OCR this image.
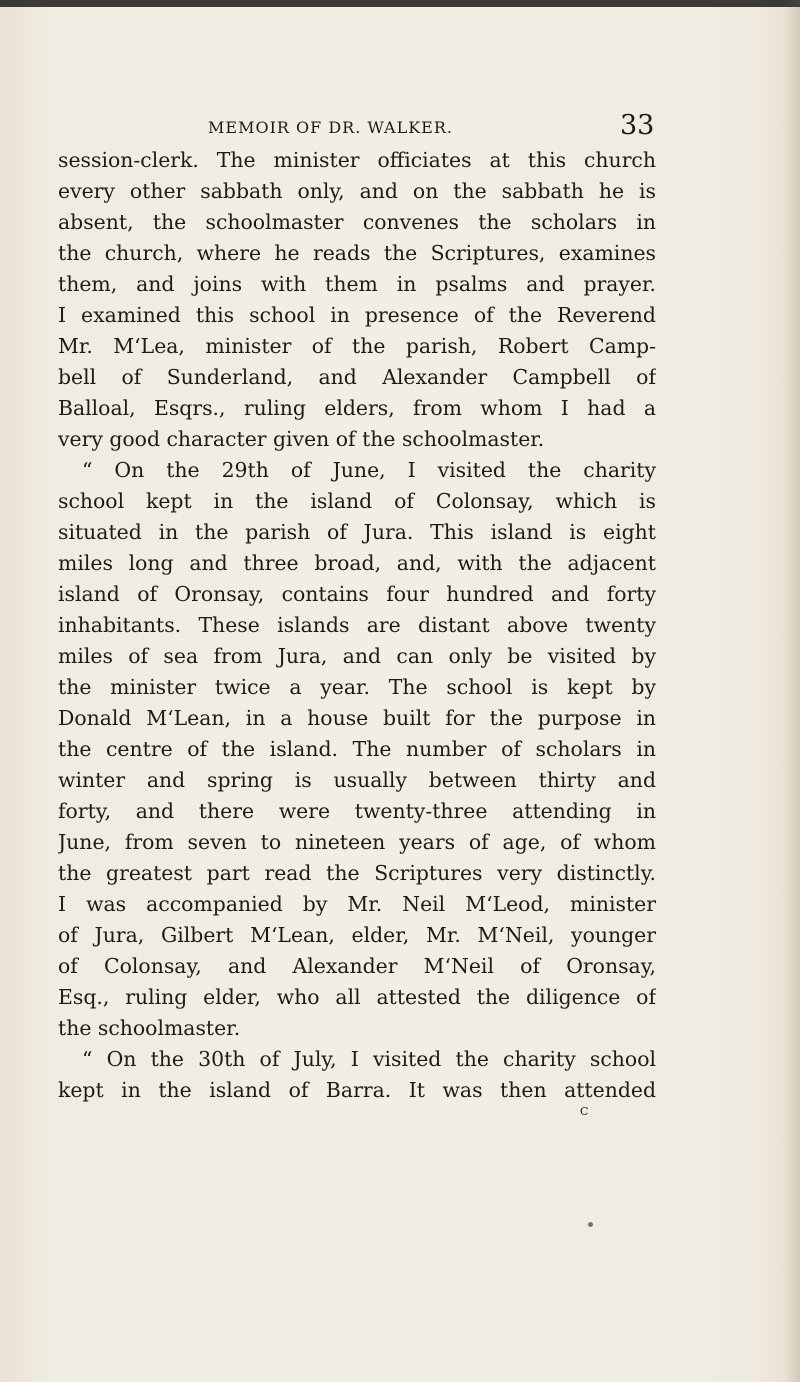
MEMOIR OF DR. WALKER.	33
session-clerk. The minister officiates at this church
every other sabbath only, and on the sabbath he is
absent, the schoolmaster convenes the scholars in
the church, where he reads the Scriptures, examines
them, and joins with them in psalms and prayer.
I examined this school in presence of the Reverend
Mr. M‘Lea, minister of the parish, Robert Camp-
bell of Sunderland, and Alexander Campbell of
Balloal, Esqrs., ruling elders, from whom I had a
very good character given of the schoolmaster.
“ On the 29th of June, I visited the charity
school kept in the island of Colonsay, which is
situated in the parish of Jura. This island is eight
miles long and three broad, and, with the adjacent
island of Oronsay, contains four hundred and forty
inhabitants. These islands are distant above twenty
miles of sea from Jura, and can only be visited by
the minister twice a year. The school is kept by
Donald M‘Lean, in a house built for the purpose in
the centre of the island. The number of scholars in
winter and spring is usually between thirty and
forty, and there were twenty-three attending in
June, from seven to nineteen years of age, of whom
the greatest part read the Scriptures very distinctly.
I was accompanied by Mr. Neil M‘Leod, minister
of Jura, Gilbert M‘Lean, elder, Mr. M‘Neil, younger
of Colonsay, and Alexander M‘Neil of Oronsay,
Esq., ruling elder, who all attested the diligence of
the schoolmaster.
“ On the 30th of July, I visited the charity school
kept in the island of Barra. It was then attended
c
